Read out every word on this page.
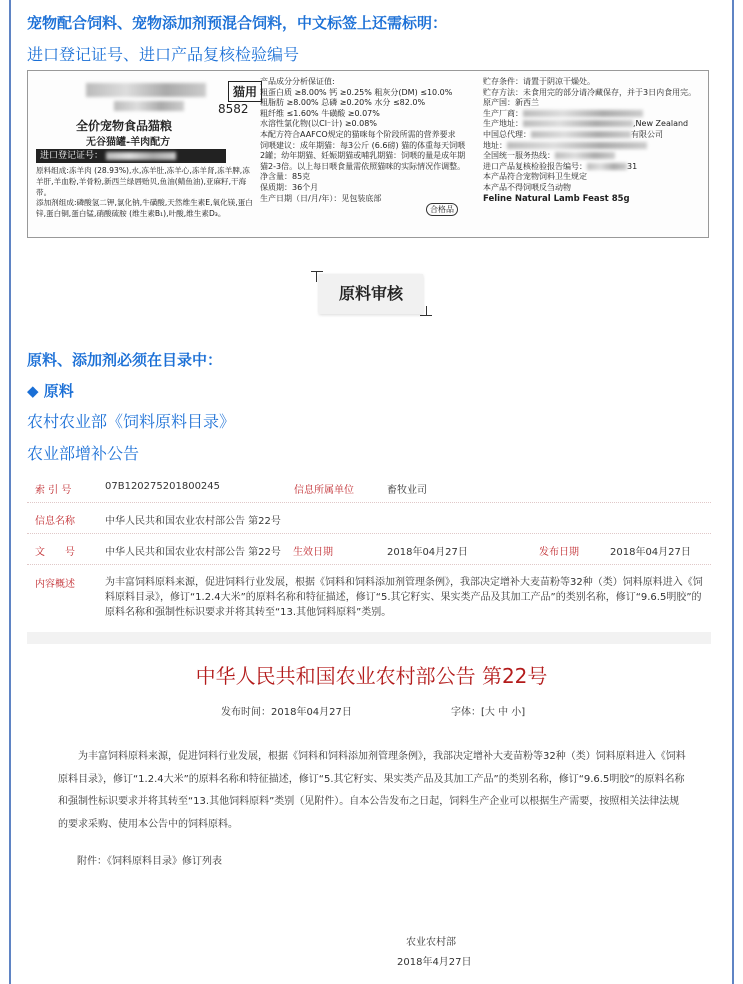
宠物配合饲料、宠物添加剂预混合饲料，中文标签上还需标明：
进口登记证号、进口产品复核检验编号
猫用
8582
全价宠物食品猫粮
无谷猫罐-羊肉配方
进口登记证号：
原料组成:冻羊肉 (28.93%),水,冻羊肚,冻羊心,冻羊肾,冻羊脾,冻羊肝,羊血粉,羊骨粉,新西兰绿唇贻贝,鱼油(鲭鱼油),亚麻籽,干海带。
添加剂组成:磷酸氢二钾,氯化钠,牛磺酸,天然维生素E,氧化镁,蛋白锌,蛋白铜,蛋白锰,硝酸硫胺 (维生素B₁),叶酸,维生素D₃。
产品成分分析保证值:
粗蛋白质 ≥8.00% 钙 ≥0.25% 粗灰分(DM) ≤10.0%
粗脂肪 ≥8.00% 总磷 ≥0.20% 水分 ≤82.0%
粗纤维 ≤1.60% 牛磺酸 ≥0.07%
水溶性氯化物(以Cl⁻计) ≥0.08%
本配方符合AAFCO规定的猫咪每个阶段所需的营养要求
饲喂建议：成年期猫：每3公斤 (6.6磅) 猫的体重每天饲喂
2罐；幼年期猫、妊娠期猫或哺乳期猫：饲喂的量是成年期
猫2-3倍。以上每日喂食量需依照猫咪的实际情况作调整。
净含量：85克
保质期：36个月
生产日期（日/月/年）：见包装底部
合格品
贮存条件：请置于阴凉干燥处。
贮存方法：未食用完的部分请冷藏保存，并于3日内食用完。
原产国：新西兰
生产厂商：
生产地址：	,New Zealand
中国总代理：	有限公司
地址：
全国统一服务热线：
进口产品复核检验报告编号：	31
本产品符合宠物饲料卫生规定
本产品不得饲喂反刍动物
Feline Natural Lamb Feast 85g
原料审核
原料、添加剂必须在目录中：
◆ 原料
农村农业部《饲料原料目录》
农业部增补公告
索 引 号	07B120275201800245	信息所属单位	畜牧业司
信息名称	中华人民共和国农业农村部公告 第22号
文　　号	中华人民共和国农业农村部公告 第22号 生效日期	2018年04月27日	发布日期	2018年04月27日
内容概述	为丰富饲料原料来源，促进饲料行业发展，根据《饲料和饲料添加剂管理条例》，我部决定增补大麦苗粉等32种（类）饲料原料进入《饲料原料目录》，修订“1.2.4大米”的原料名称和特征描述，修订“5.其它籽实、果实类产品及其加工产品”的类别名称，修订“9.6.5明胶”的原料名称和强制性标识要求并将其转至“13.其他饲料原料”类别。
中华人民共和国农业农村部公告 第22号
发布时间：2018年04月27日	字体：[大 中 小]
为丰富饲料原料来源，促进饲料行业发展，根据《饲料和饲料添加剂管理条例》，我部决定增补大麦苗粉等32种（类）饲料原料进入《饲料原料目录》，修订“1.2.4大米”的原料名称和特征描述，修订“5.其它籽实、果实类产品及其加工产品”的类别名称，修订“9.6.5明胶”的原料名称和强制性标识要求并将其转至“13.其他饲料原料”类别（见附件）。自本公告发布之日起，饲料生产企业可以根据生产需要，按照相关法律法规的要求采购、使用本公告中的饲料原料。
附件：《饲料原料目录》修订列表
农业农村部
2018年4月27日
